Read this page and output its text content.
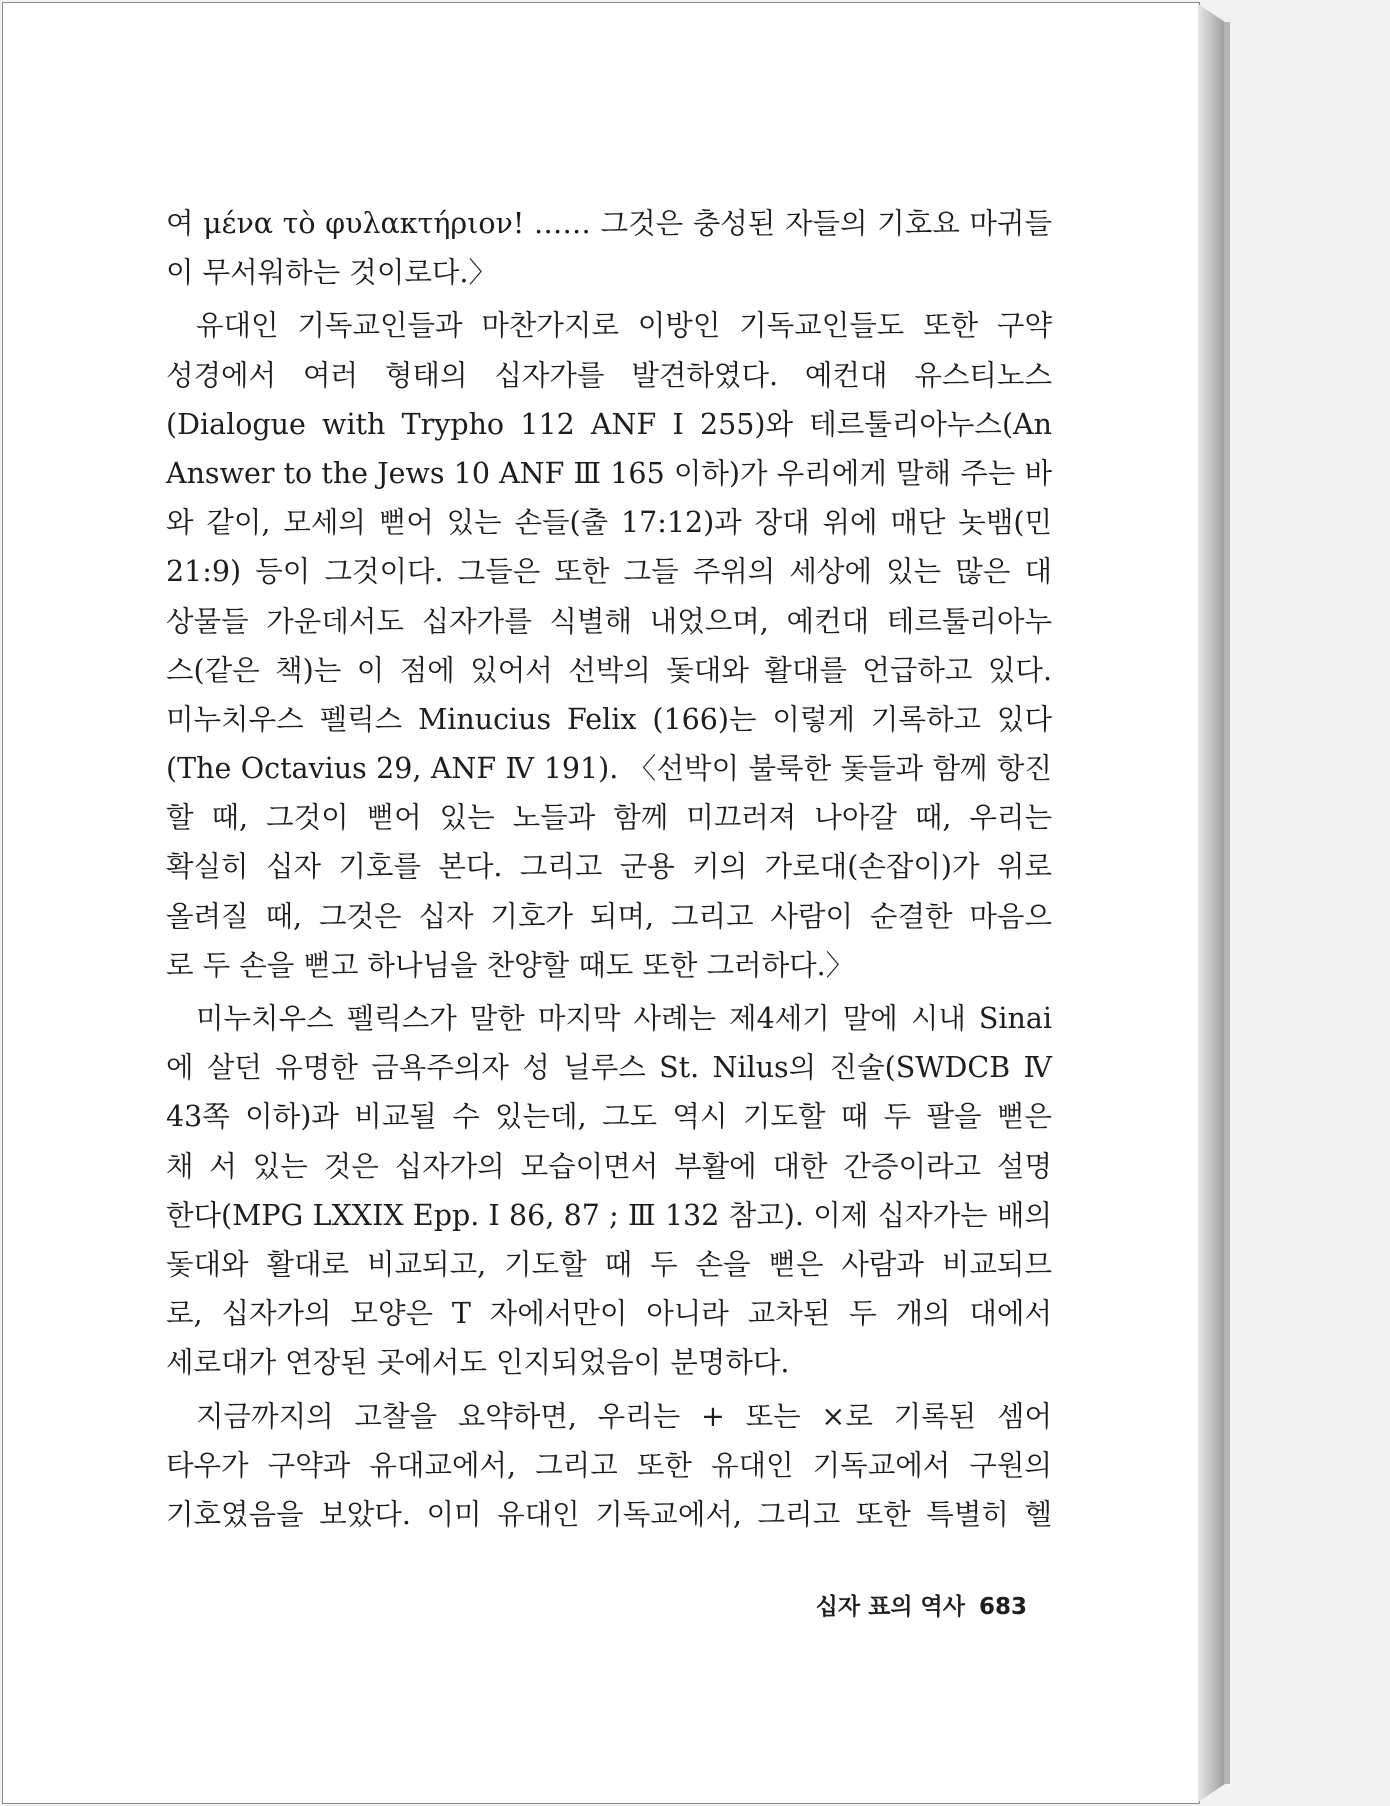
여 μένα τὸ φυλακτήριον! …… 그것은 충성된 자들의 기호요 마귀들
이 무서워하는 것이로다.〉
유대인 기독교인들과 마찬가지로 이방인 기독교인들도 또한 구약
성경에서 여러 형태의 십자가를 발견하였다. 예컨대 유스티노스
(Dialogue with Trypho 112 ANF I 255)와 테르툴리아누스(An
Answer to the Jews 10 ANF Ⅲ 165 이하)가 우리에게 말해 주는 바
와 같이, 모세의 뻗어 있는 손들(출 17:12)과 장대 위에 매단 놋뱀(민
21:9) 등이 그것이다. 그들은 또한 그들 주위의 세상에 있는 많은 대
상물들 가운데서도 십자가를 식별해 내었으며, 예컨대 테르툴리아누
스(같은 책)는 이 점에 있어서 선박의 돛대와 활대를 언급하고 있다.
미누치우스 펠릭스 Minucius Felix (166)는 이렇게 기록하고 있다
(The Octavius 29, ANF Ⅳ 191). 〈선박이 불룩한 돛들과 함께 항진
할 때, 그것이 뻗어 있는 노들과 함께 미끄러져 나아갈 때, 우리는
확실히 십자 기호를 본다. 그리고 군용 키의 가로대(손잡이)가 위로
올려질 때, 그것은 십자 기호가 되며, 그리고 사람이 순결한 마음으
로 두 손을 뻗고 하나님을 찬양할 때도 또한 그러하다.〉
미누치우스 펠릭스가 말한 마지막 사례는 제4세기 말에 시내 Sinai
에 살던 유명한 금욕주의자 성 닐루스 St. Nilus의 진술(SWDCB Ⅳ
43쪽 이하)과 비교될 수 있는데, 그도 역시 기도할 때 두 팔을 뻗은
채 서 있는 것은 십자가의 모습이면서 부활에 대한 간증이라고 설명
한다(MPG LXXIX Epp. I 86, 87 ; Ⅲ 132 참고). 이제 십자가는 배의
돛대와 활대로 비교되고, 기도할 때 두 손을 뻗은 사람과 비교되므
로, 십자가의 모양은 T 자에서만이 아니라 교차된 두 개의 대에서
세로대가 연장된 곳에서도 인지되었음이 분명하다.
지금까지의 고찰을 요약하면, 우리는 + 또는 ×로 기록된 셈어
타우가 구약과 유대교에서, 그리고 또한 유대인 기독교에서 구원의
기호였음을 보았다. 이미 유대인 기독교에서, 그리고 또한 특별히 헬
십자 표의 역사 683
